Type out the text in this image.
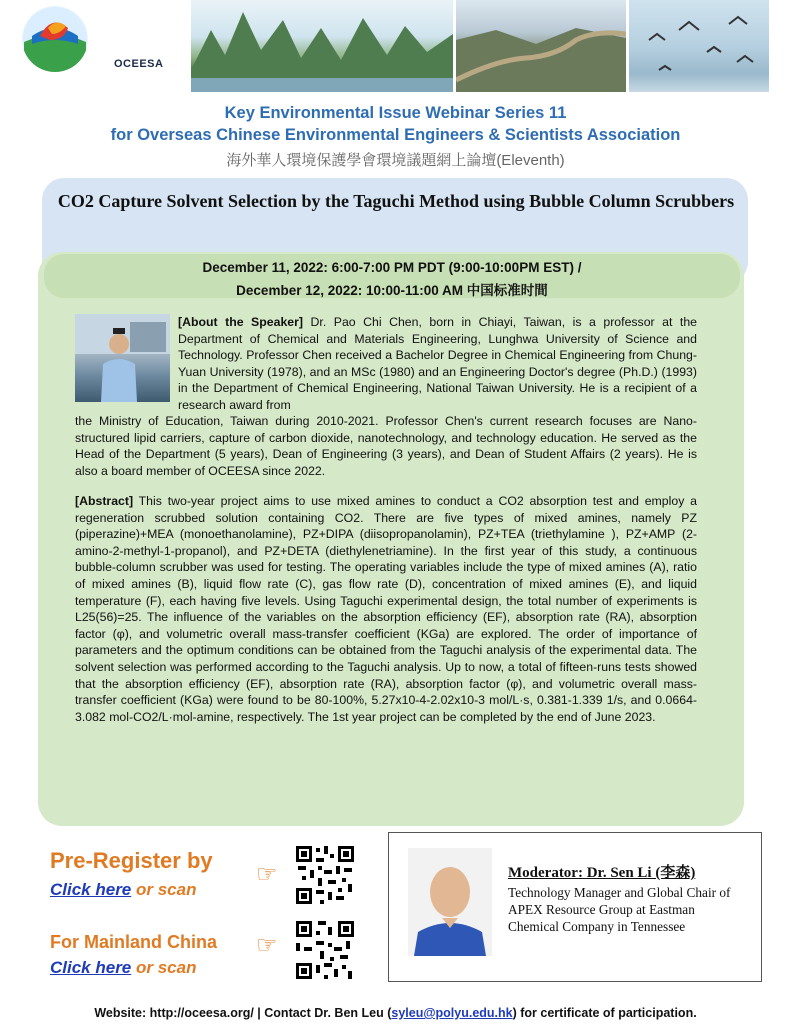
OCEESA
Key Environmental Issue Webinar Series 11
for Overseas Chinese Environmental Engineers & Scientists Association
海外華人環境保護學會環境議題網上論壇(Eleventh)
CO2 Capture Solvent Selection by the Taguchi Method using Bubble Column Scrubbers
December 11, 2022: 6:00-7:00 PM PDT (9:00-10:00PM EST) /
December 12, 2022: 10:00-11:00 AM 中国标准时間
[About the Speaker] Dr. Pao Chi Chen, born in Chiayi, Taiwan, is a professor at the Department of Chemical and Materials Engineering, Lunghwa University of Science and Technology. Professor Chen received a Bachelor Degree in Chemical Engineering from Chung-Yuan University (1978), and an MSc (1980) and an Engineering Doctor's degree (Ph.D.) (1993) in the Department of Chemical Engineering, National Taiwan University. He is a recipient of a research award from
the Ministry of Education, Taiwan during 2010-2021. Professor Chen's current research focuses are Nano-structured lipid carriers, capture of carbon dioxide, nanotechnology, and technology education. He served as the Head of the Department (5 years), Dean of Engineering (3 years), and Dean of Student Affairs (2 years). He is also a board member of OCEESA since 2022.
[Abstract] This two-year project aims to use mixed amines to conduct a CO2 absorption test and employ a regeneration scrubbed solution containing CO2. There are five types of mixed amines, namely PZ (piperazine)+MEA (monoethanolamine), PZ+DIPA (diisopropanolamin), PZ+TEA (triethylamine ), PZ+AMP (2-amino-2-methyl-1-propanol), and PZ+DETA (diethylenetriamine). In the first year of this study, a continuous bubble-column scrubber was used for testing. The operating variables include the type of mixed amines (A), ratio of mixed amines (B), liquid flow rate (C), gas flow rate (D), concentration of mixed amines (E), and liquid temperature (F), each having five levels. Using Taguchi experimental design, the total number of experiments is L25(56)=25. The influence of the variables on the absorption efficiency (EF), absorption rate (RA), absorption factor (φ), and volumetric overall mass-transfer coefficient (KGa) are explored. The order of importance of parameters and the optimum conditions can be obtained from the Taguchi analysis of the experimental data. The solvent selection was performed according to the Taguchi analysis. Up to now, a total of fifteen-runs tests showed that the absorption efficiency (EF), absorption rate (RA), absorption factor (φ), and volumetric overall mass-transfer coefficient (KGa) were found to be 80-100%, 5.27x10-4-2.02x10-3 mol/L·s, 0.381-1.339 1/s, and 0.0664-3.082 mol-CO2/L·mol-amine, respectively. The 1st year project can be completed by the end of June 2023.
Pre-Register by
Click here or scan
For Mainland China
Click here or scan
☞
☞
Moderator: Dr. Sen Li (李森)
Technology Manager and Global Chair of APEX Resource Group at Eastman Chemical Company in Tennessee
Website: http://oceesa.org/ | Contact Dr. Ben Leu (syleu@polyu.edu.hk) for certificate of participation.
